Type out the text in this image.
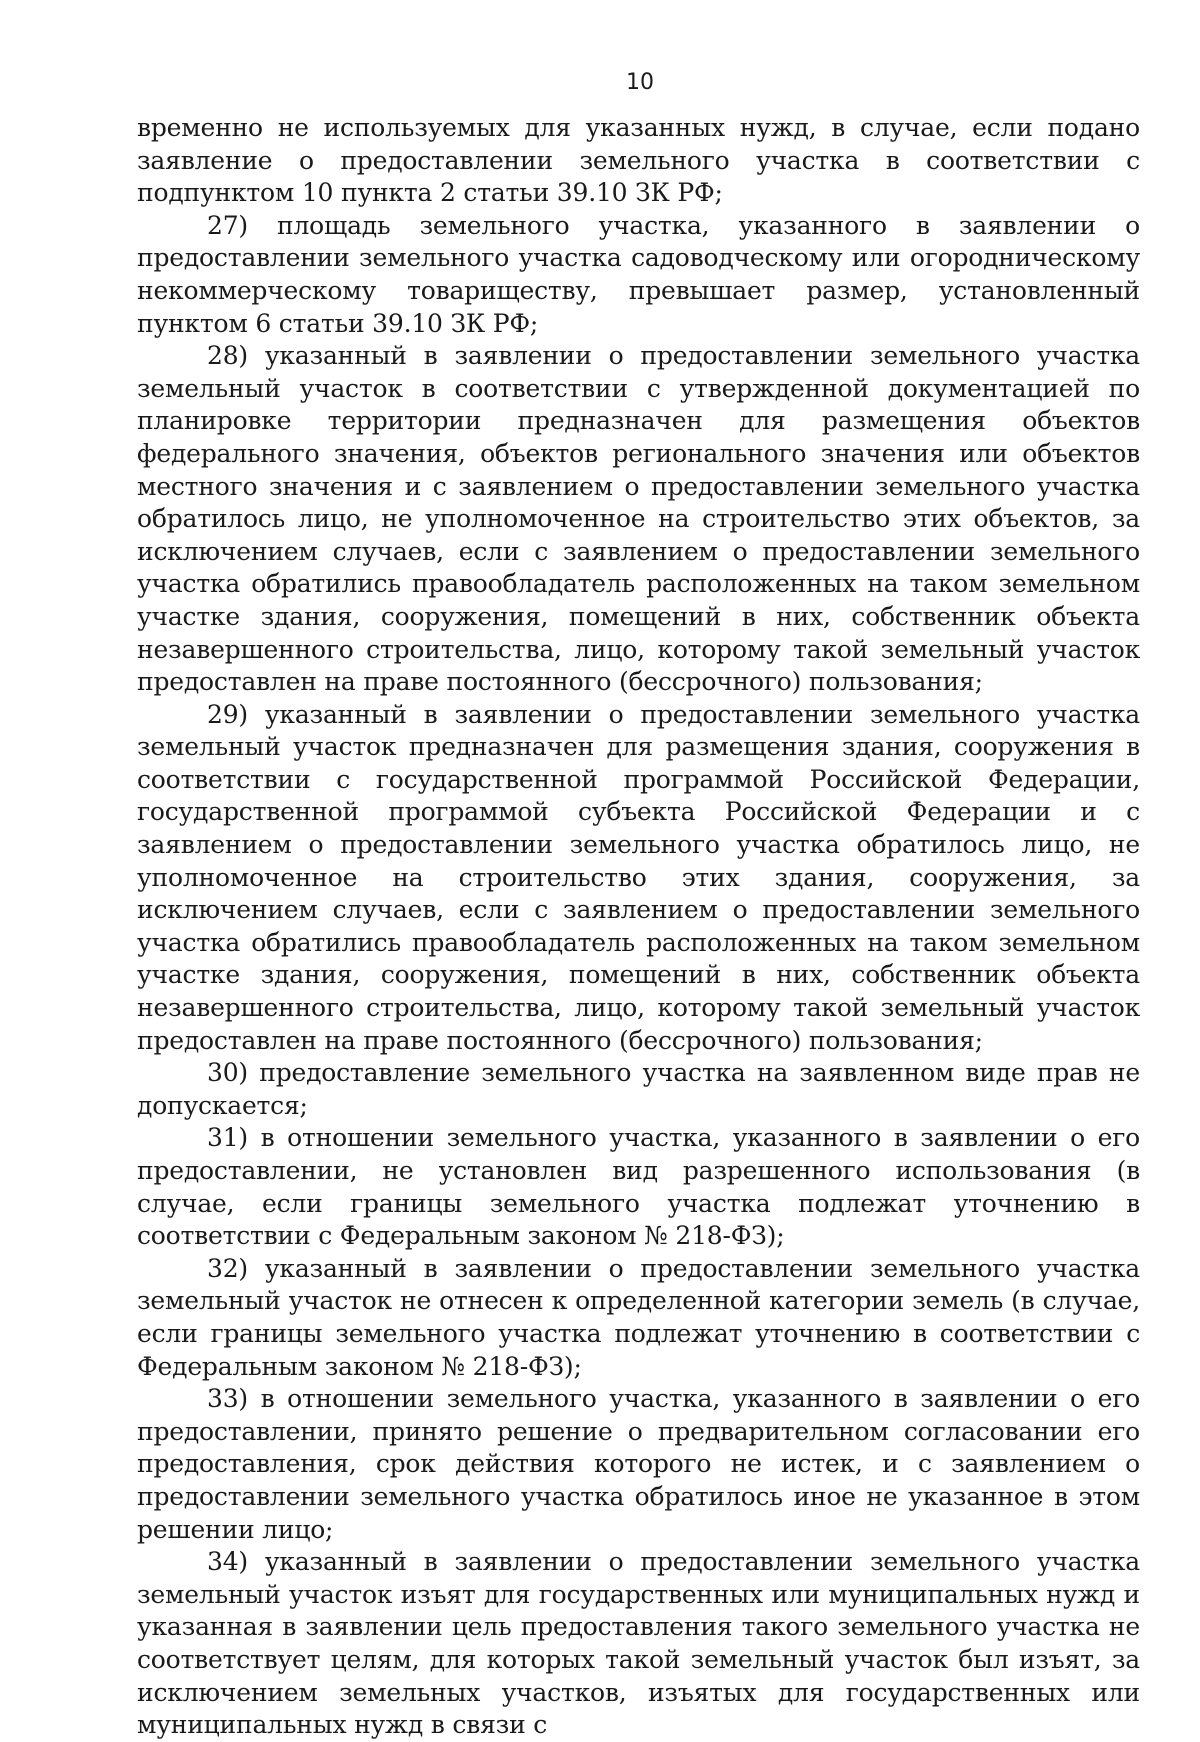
10

временно не используемых для указанных нужд, в случае, если подано заявление о предоставлении земельного участка в соответствии с подпунктом 10 пункта 2 статьи 39.10 ЗК РФ;

27) площадь земельного участка, указанного в заявлении о предоставлении земельного участка садоводческому или огородническому некоммерческому товариществу, превышает размер, установленный пунктом 6 статьи 39.10 ЗК РФ;

28) указанный в заявлении о предоставлении земельного участка земельный участок в соответствии с утвержденной документацией по планировке территории предназначен для размещения объектов федерального значения, объектов регионального значения или объектов местного значения и с заявлением о предоставлении земельного участка обратилось лицо, не уполномоченное на строительство этих объектов, за исключением случаев, если с заявлением о предоставлении земельного участка обратились правообладатель расположенных на таком земельном участке здания, сооружения, помещений в них, собственник объекта незавершенного строительства, лицо, которому такой земельный участок предоставлен на праве постоянного (бессрочного) пользования;

29) указанный в заявлении о предоставлении земельного участка земельный участок предназначен для размещения здания, сооружения в соответствии с государственной программой Российской Федерации, государственной программой субъекта Российской Федерации и с заявлением о предоставлении земельного участка обратилось лицо, не уполномоченное на строительство этих здания, сооружения, за исключением случаев, если с заявлением о предоставлении земельного участка обратились правообладатель расположенных на таком земельном участке здания, сооружения, помещений в них, собственник объекта незавершенного строительства, лицо, которому такой земельный участок предоставлен на праве постоянного (бессрочного) пользования;

30) предоставление земельного участка на заявленном виде прав не допускается;

31) в отношении земельного участка, указанного в заявлении о его предоставлении, не установлен вид разрешенного использования (в случае, если границы земельного участка подлежат уточнению в соответствии с Федеральным законом № 218-ФЗ);

32) указанный в заявлении о предоставлении земельного участка земельный участок не отнесен к определенной категории земель (в случае, если границы земельного участка подлежат уточнению в соответствии с Федеральным законом № 218-ФЗ);

33) в отношении земельного участка, указанного в заявлении о его предоставлении, принято решение о предварительном согласовании его предоставления, срок действия которого не истек, и с заявлением о предоставлении земельного участка обратилось иное не указанное в этом решении лицо;

34) указанный в заявлении о предоставлении земельного участка земельный участок изъят для государственных или муниципальных нужд и указанная в заявлении цель предоставления такого земельного участка не соответствует целям, для которых такой земельный участок был изъят, за исключением земельных участков, изъятых для государственных или муниципальных нужд в связи с
